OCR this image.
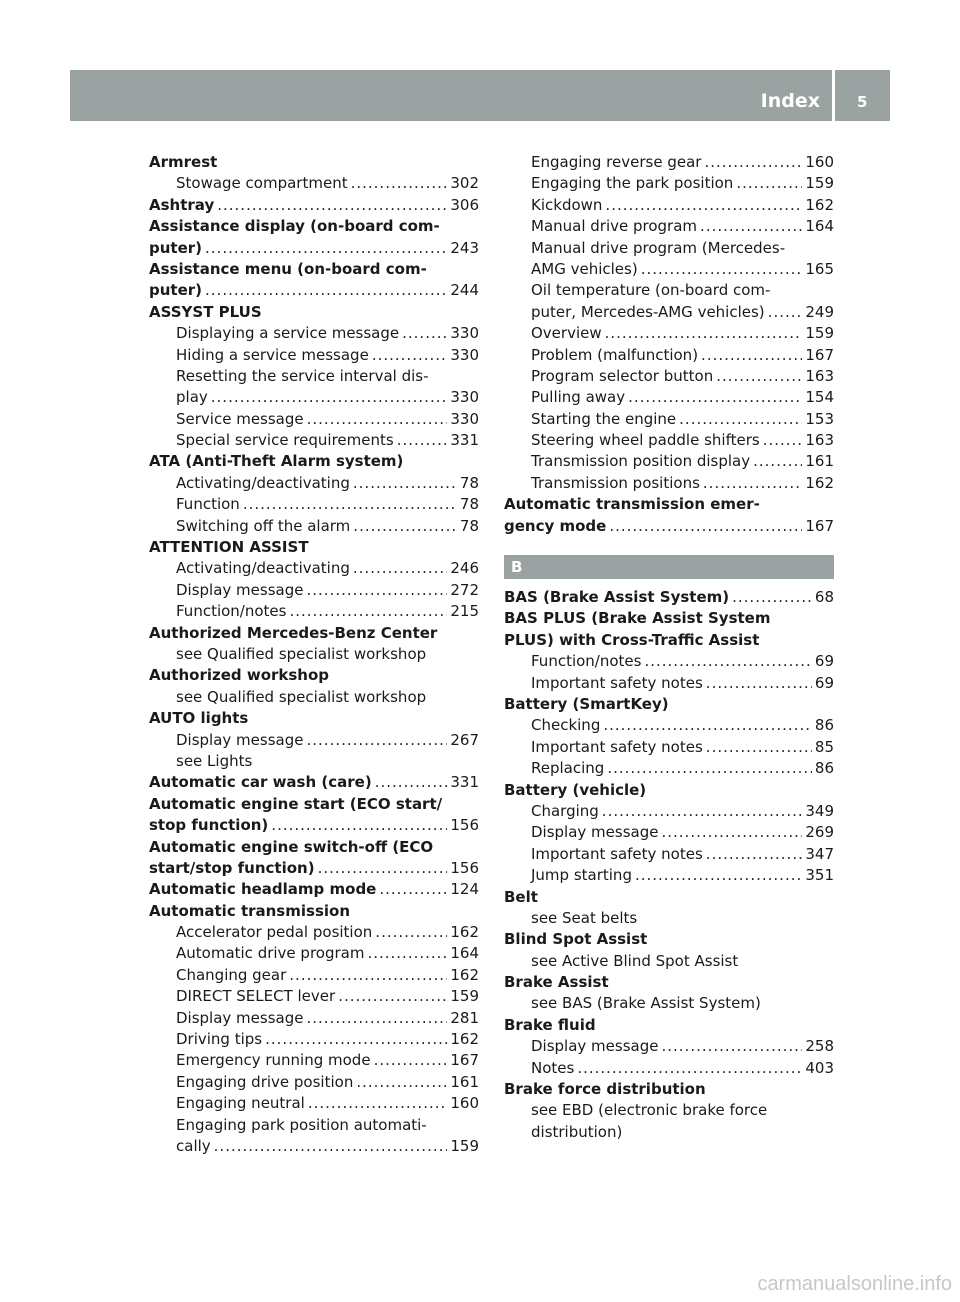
Index 5
Armrest
Stowage compartment .....	302
Ashtray .....	306
Assistance display (on-board com-
puter) .....	243
Assistance menu (on-board com-
puter) .....	244
ASSYST PLUS
Displaying a service message .....	330
Hiding a service message .....	330
Resetting the service interval dis-
play .....	330
Service message .....	330
Special service requirements .....	331
ATA (Anti-Theft Alarm system)
Activating/deactivating .....	78
Function .....	78
Switching off the alarm .....	78
ATTENTION ASSIST
Activating/deactivating .....	246
Display message .....	272
Function/notes .....	215
Authorized Mercedes-Benz Center
see Qualified specialist workshop
Authorized workshop
see Qualified specialist workshop
AUTO lights
Display message .....	267
see Lights
Automatic car wash (care) .....	331
Automatic engine start (ECO start/
stop function) .....	156
Automatic engine switch-off (ECO
start/stop function) .....	156
Automatic headlamp mode .....	124
Automatic transmission
Accelerator pedal position .....	162
Automatic drive program .....	164
Changing gear .....	162
DIRECT SELECT lever .....	159
Display message .....	281
Driving tips .....	162
Emergency running mode .....	167
Engaging drive position .....	161
Engaging neutral .....	160
Engaging park position automati-
cally .....	159
Engaging reverse gear .....	160
Engaging the park position .....	159
Kickdown .....	162
Manual drive program .....	164
Manual drive program (Mercedes-
AMG vehicles) .....	165
Oil temperature (on-board com-
puter, Mercedes-AMG vehicles) .....	249
Overview .....	159
Problem (malfunction) .....	167
Program selector button .....	163
Pulling away .....	154
Starting the engine .....	153
Steering wheel paddle shifters .....	163
Transmission position display .....	161
Transmission positions .....	162
Automatic transmission emer-
gency mode .....	167
B
BAS (Brake Assist System) .....	68
BAS PLUS (Brake Assist System
PLUS) with Cross-Traffic Assist
Function/notes .....	69
Important safety notes .....	69
Battery (SmartKey)
Checking .....	86
Important safety notes .....	85
Replacing .....	86
Battery (vehicle)
Charging .....	349
Display message .....	269
Important safety notes .....	347
Jump starting .....	351
Belt
see Seat belts
Blind Spot Assist
see Active Blind Spot Assist
Brake Assist
see BAS (Brake Assist System)
Brake fluid
Display message .....	258
Notes .....	403
Brake force distribution
see EBD (electronic brake force
distribution)
carmanualsonline.info
